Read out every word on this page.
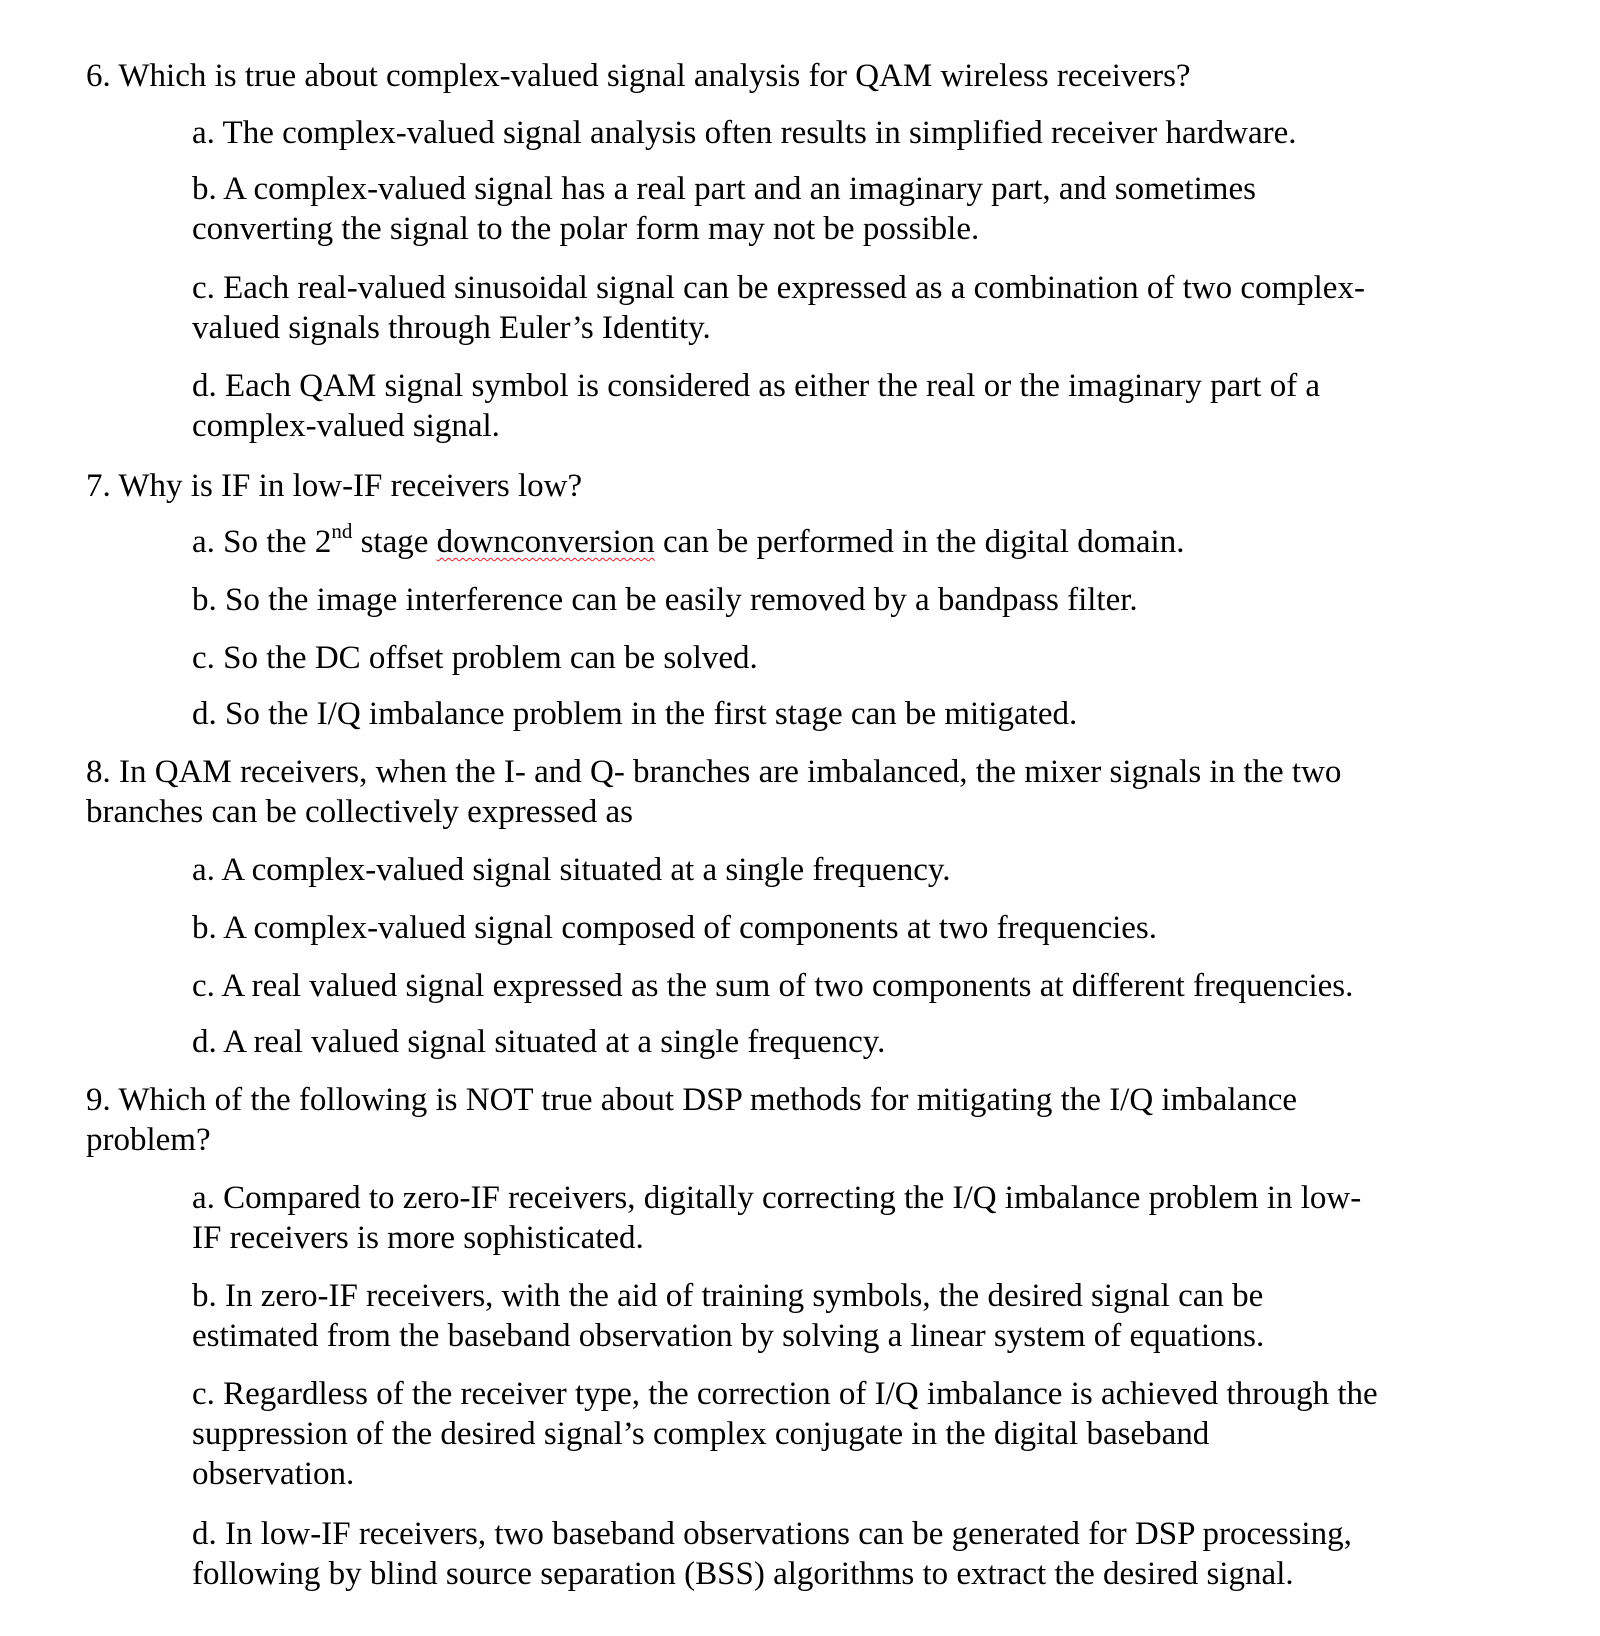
6. Which is true about complex-valued signal analysis for QAM wireless receivers?
a. The complex-valued signal analysis often results in simplified receiver hardware.
b. A complex-valued signal has a real part and an imaginary part, and sometimes
converting the signal to the polar form may not be possible.
c. Each real-valued sinusoidal signal can be expressed as a combination of two complex-
valued signals through Euler’s Identity.
d. Each QAM signal symbol is considered as either the real or the imaginary part of a
complex-valued signal.
7. Why is IF in low-IF receivers low?
a. So the 2nd stage downconversion can be performed in the digital domain.
b. So the image interference can be easily removed by a bandpass filter.
c. So the DC offset problem can be solved.
d. So the I/Q imbalance problem in the first stage can be mitigated.
8. In QAM receivers, when the I- and Q- branches are imbalanced, the mixer signals in the two
branches can be collectively expressed as
a. A complex-valued signal situated at a single frequency.
b. A complex-valued signal composed of components at two frequencies.
c. A real valued signal expressed as the sum of two components at different frequencies.
d. A real valued signal situated at a single frequency.
9. Which of the following is NOT true about DSP methods for mitigating the I/Q imbalance
problem?
a. Compared to zero-IF receivers, digitally correcting the I/Q imbalance problem in low-
IF receivers is more sophisticated.
b. In zero-IF receivers, with the aid of training symbols, the desired signal can be
estimated from the baseband observation by solving a linear system of equations.
c. Regardless of the receiver type, the correction of I/Q imbalance is achieved through the
suppression of the desired signal’s complex conjugate in the digital baseband
observation.
d. In low-IF receivers, two baseband observations can be generated for DSP processing,
following by blind source separation (BSS) algorithms to extract the desired signal.
